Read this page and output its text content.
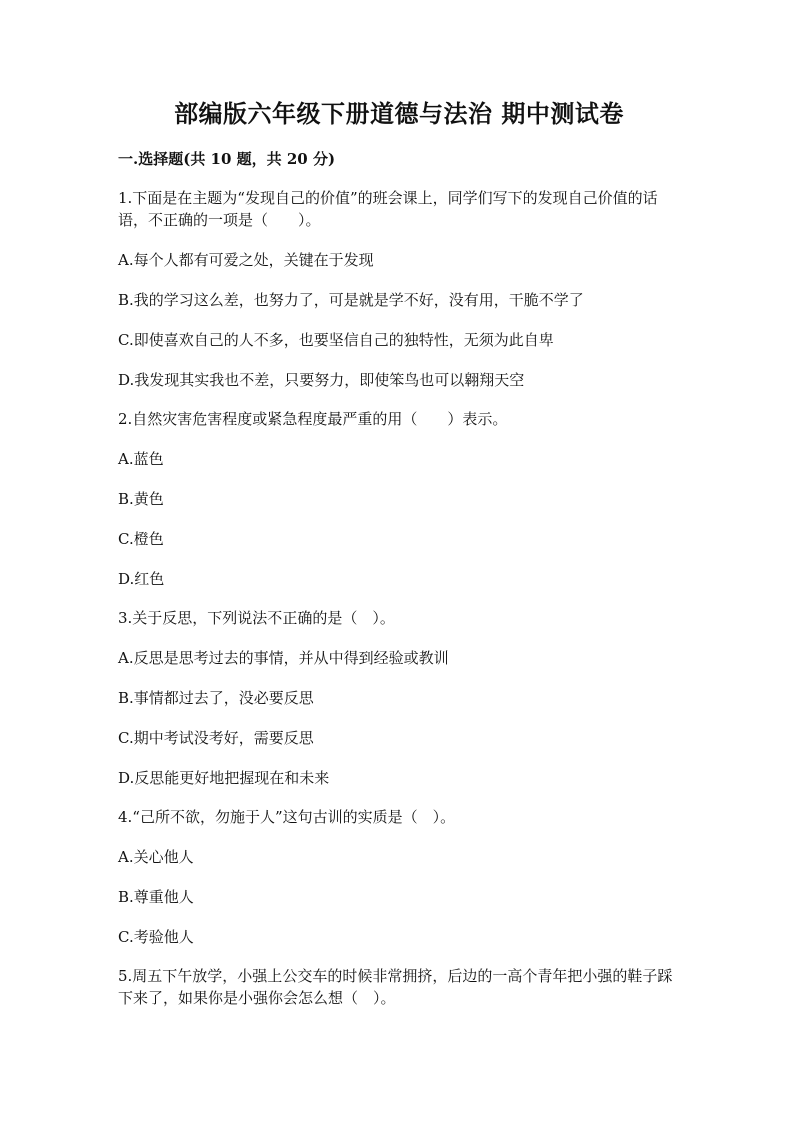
部编版六年级下册道德与法治 期中测试卷
一.选择题(共 10 题，共 20 分)
1.下面是在主题为“发现自己的价值”的班会课上，同学们写下的发现自己价值的话语，不正确的一项是（　　）。
A.每个人都有可爱之处，关键在于发现
B.我的学习这么差，也努力了，可是就是学不好，没有用，干脆不学了
C.即使喜欢自己的人不多，也要坚信自己的独特性，无须为此自卑
D.我发现其实我也不差，只要努力，即使笨鸟也可以翱翔天空
2.自然灾害危害程度或紧急程度最严重的用（　　）表示。
A.蓝色
B.黄色
C.橙色
D.红色
3.关于反思，下列说法不正确的是（　）。
A.反思是思考过去的事情，并从中得到经验或教训
B.事情都过去了，没必要反思
C.期中考试没考好，需要反思
D.反思能更好地把握现在和未来
4.“己所不欲，勿施于人”这句古训的实质是（　）。
A.关心他人
B.尊重他人
C.考验他人
5.周五下午放学，小强上公交车的时候非常拥挤，后边的一高个青年把小强的鞋子踩下来了，如果你是小强你会怎么想（　）。
